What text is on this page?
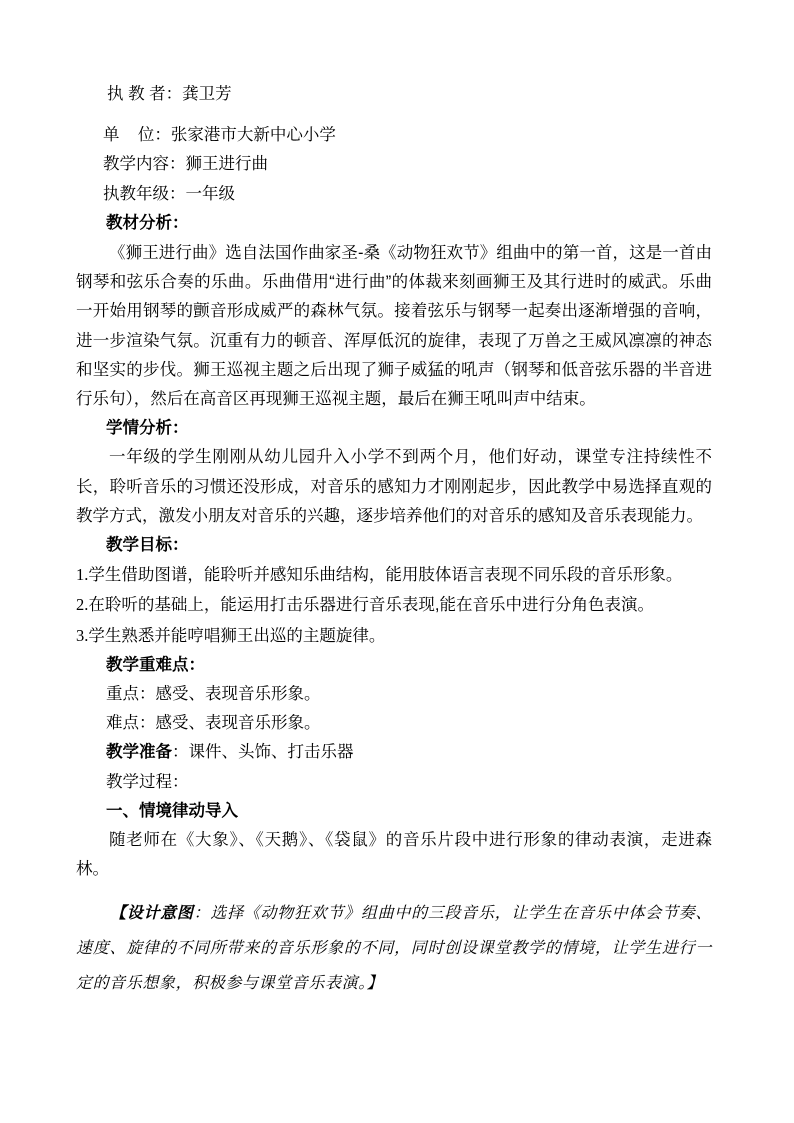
执 教 者：龚卫芳
单    位：张家港市大新中心小学
教学内容：狮王进行曲
执教年级：一年级
教材分析：
《狮王进行曲》选自法国作曲家圣-桑《动物狂欢节》组曲中的第一首，这是一首由钢琴和弦乐合奏的乐曲。乐曲借用“进行曲”的体裁来刻画狮王及其行进时的威武。乐曲一开始用钢琴的颤音形成威严的森林气氛。接着弦乐与钢琴一起奏出逐渐增强的音响，进一步渲染气氛。沉重有力的顿音、浑厚低沉的旋律，表现了万兽之王威风凛凛的神态和坚实的步伐。狮王巡视主题之后出现了狮子威猛的吼声（钢琴和低音弦乐器的半音进行乐句），然后在高音区再现狮王巡视主题，最后在狮王吼叫声中结束。
学情分析：
一年级的学生刚刚从幼儿园升入小学不到两个月，他们好动，课堂专注持续性不长，聆听音乐的习惯还没形成，对音乐的感知力才刚刚起步，因此教学中易选择直观的教学方式，激发小朋友对音乐的兴趣，逐步培养他们的对音乐的感知及音乐表现能力。
教学目标：
1.学生借助图谱，能聆听并感知乐曲结构，能用肢体语言表现不同乐段的音乐形象。
2.在聆听的基础上，能运用打击乐器进行音乐表现,能在音乐中进行分角色表演。
3.学生熟悉并能哼唱狮王出巡的主题旋律。
教学重难点：
重点：感受、表现音乐形象。
难点：感受、表现音乐形象。
教学准备：课件、头饰、打击乐器
教学过程：
一、情境律动导入
随老师在《大象》、《天鹅》、《袋鼠》的音乐片段中进行形象的律动表演，走进森林。
【设计意图：选择《动物狂欢节》组曲中的三段音乐，让学生在音乐中体会节奏、速度、旋律的不同所带来的音乐形象的不同，同时创设课堂教学的情境，让学生进行一定的音乐想象，积极参与课堂音乐表演。】
